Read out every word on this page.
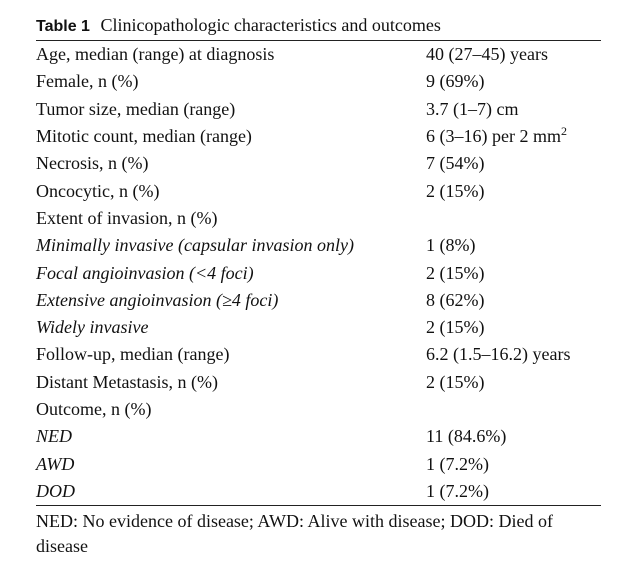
Table 1 Clinicopathologic characteristics and outcomes
Age, median (range) at diagnosis	40 (27–45) years
Female, n (%)	9 (69%)
Tumor size, median (range)	3.7 (1–7) cm
Mitotic count, median (range)	6 (3–16) per 2 $mm^2$
Necrosis, n (%)	7 (54%)
Oncocytic, n (%)	2 (15%)
Extent of invasion, n (%)
Minimally invasive (capsular invasion only)	1 (8%)
Focal angioinvasion (<4 foci)	2 (15%)
Extensive angioinvasion (≥4 foci)	8 (62%)
Widely invasive	2 (15%)
Follow-up, median (range)	6.2 (1.5–16.2) years
Distant Metastasis, n (%)	2 (15%)
Outcome, n (%)
NED	11 (84.6%)
AWD	1 (7.2%)
DOD	1 (7.2%)
NED: No evidence of disease; AWD: Alive with disease; DOD: Died of disease
